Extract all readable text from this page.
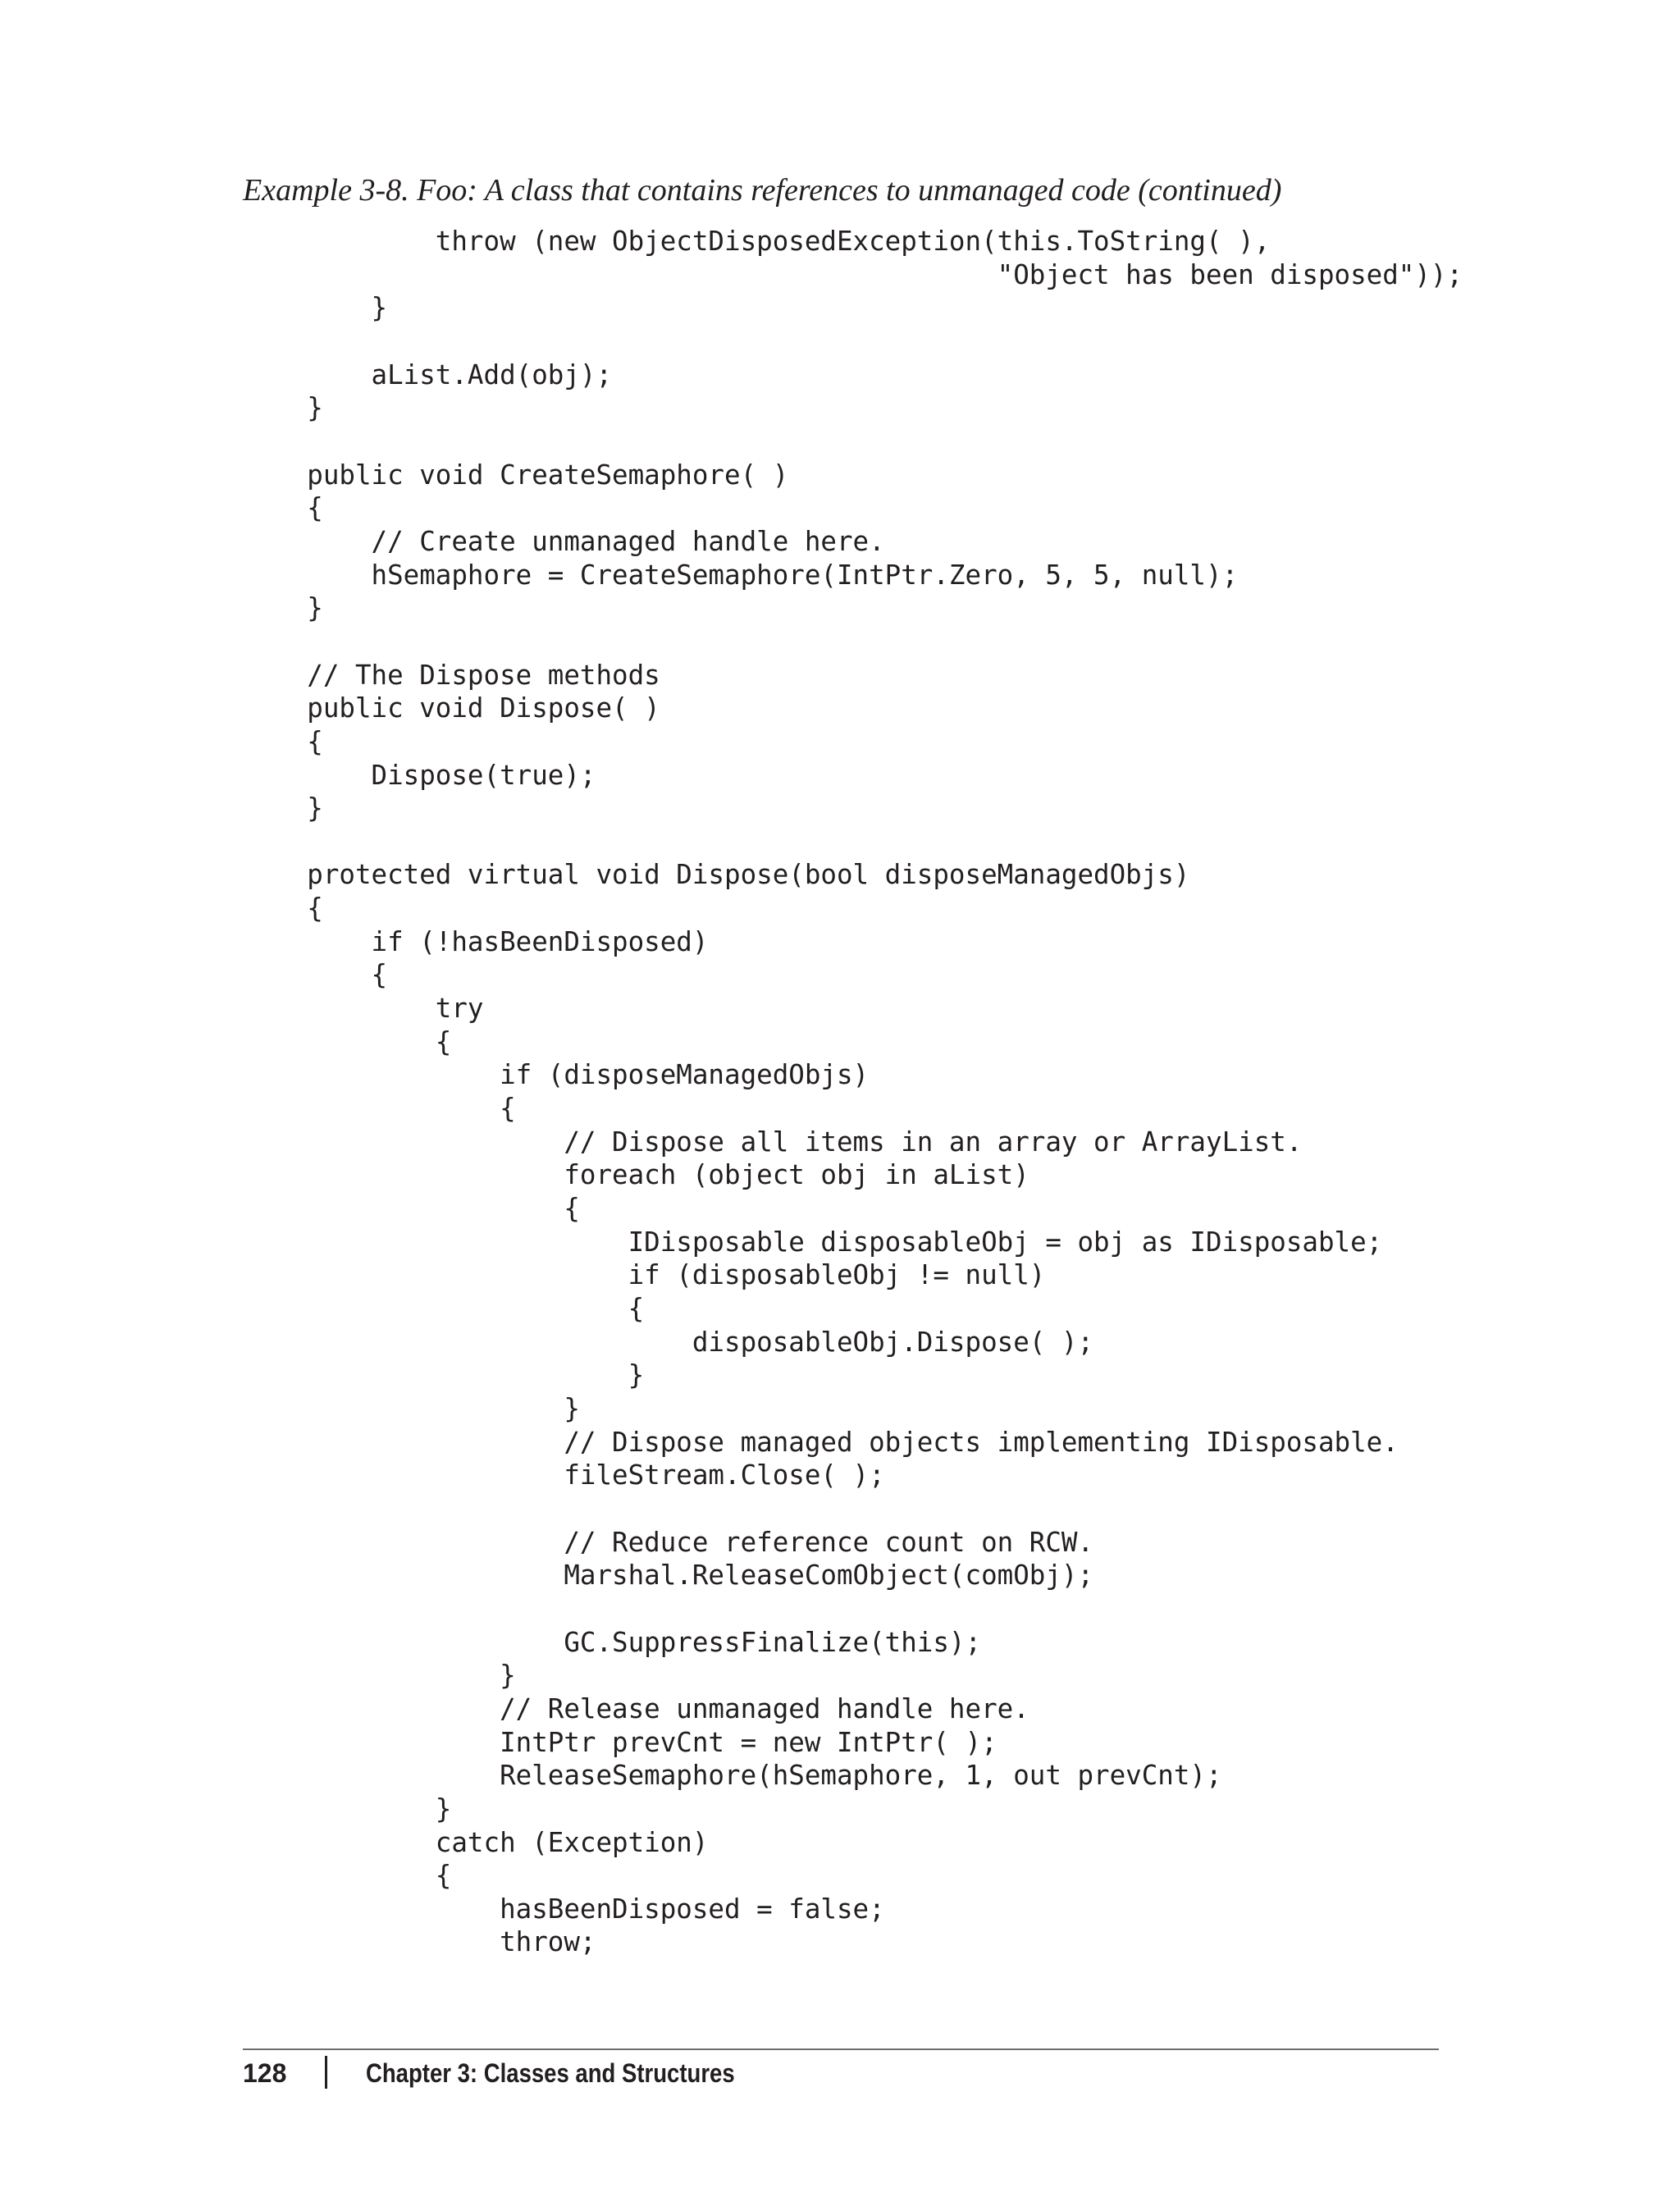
Example 3-8. Foo: A class that contains references to unmanaged code (continued)
throw (new ObjectDisposedException(this.ToString( ),
"Object has been disposed"));
}
aList.Add(obj);
}
public void CreateSemaphore( )
{
// Create unmanaged handle here.
hSemaphore = CreateSemaphore(IntPtr.Zero, 5, 5, null);
}
// The Dispose methods
public void Dispose( )
{
Dispose(true);
}
protected virtual void Dispose(bool disposeManagedObjs)
{
if (!hasBeenDisposed)
{
try
{
if (disposeManagedObjs)
{
// Dispose all items in an array or ArrayList.
foreach (object obj in aList)
{
IDisposable disposableObj = obj as IDisposable;
if (disposableObj != null)
{
disposableObj.Dispose( );
}
}
// Dispose managed objects implementing IDisposable.
fileStream.Close( );
// Reduce reference count on RCW.
Marshal.ReleaseComObject(comObj);
GC.SuppressFinalize(this);
}
// Release unmanaged handle here.
IntPtr prevCnt = new IntPtr( );
ReleaseSemaphore(hSemaphore, 1, out prevCnt);
}
catch (Exception)
{
hasBeenDisposed = false;
throw;
128	Chapter 3: Classes and Structures
